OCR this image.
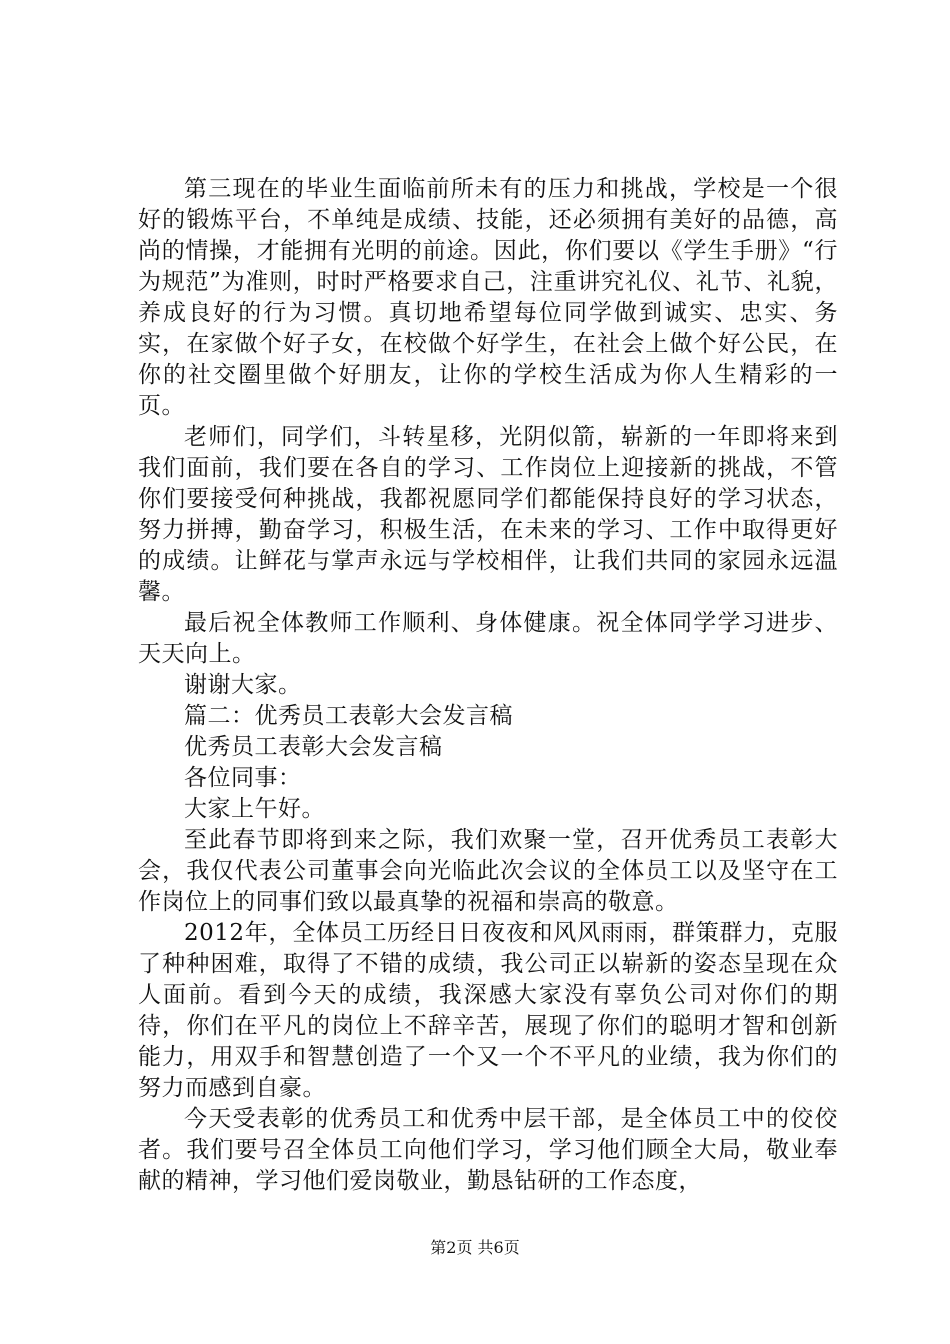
第三现在的毕业生面临前所未有的压力和挑战，学校是一个很好的锻炼平台，不单纯是成绩、技能，还必须拥有美好的品德，高尚的情操，才能拥有光明的前途。因此，你们要以《学生手册》“行为规范”为准则，时时严格要求自己，注重讲究礼仪、礼节、礼貌，养成良好的行为习惯。真切地希望每位同学做到诚实、忠实、务实，在家做个好子女，在校做个好学生，在社会上做个好公民，在你的社交圈里做个好朋友，让你的学校生活成为你人生精彩的一页。

老师们，同学们，斗转星移，光阴似箭，崭新的一年即将来到我们面前，我们要在各自的学习、工作岗位上迎接新的挑战，不管你们要接受何种挑战，我都祝愿同学们都能保持良好的学习状态，努力拼搏，勤奋学习，积极生活，在未来的学习、工作中取得更好的成绩。让鲜花与掌声永远与学校相伴，让我们共同的家园永远温馨。

最后祝全体教师工作顺利、身体健康。祝全体同学学习进步、天天向上。

谢谢大家。

篇二：优秀员工表彰大会发言稿

优秀员工表彰大会发言稿

各位同事：

大家上午好。

至此春节即将到来之际，我们欢聚一堂，召开优秀员工表彰大会，我仅代表公司董事会向光临此次会议的全体员工以及坚守在工作岗位上的同事们致以最真挚的祝福和崇高的敬意。

2012年，全体员工历经日日夜夜和风风雨雨，群策群力，克服了种种困难，取得了不错的成绩，我公司正以崭新的姿态呈现在众人面前。看到今天的成绩，我深感大家没有辜负公司对你们的期待，你们在平凡的岗位上不辞辛苦，展现了你们的聪明才智和创新能力，用双手和智慧创造了一个又一个不平凡的业绩，我为你们的努力而感到自豪。

今天受表彰的优秀员工和优秀中层干部，是全体员工中的佼佼者。我们要号召全体员工向他们学习，学习他们顾全大局，敬业奉献的精神，学习他们爱岗敬业，勤恳钻研的工作态度，

第2页 共6页
